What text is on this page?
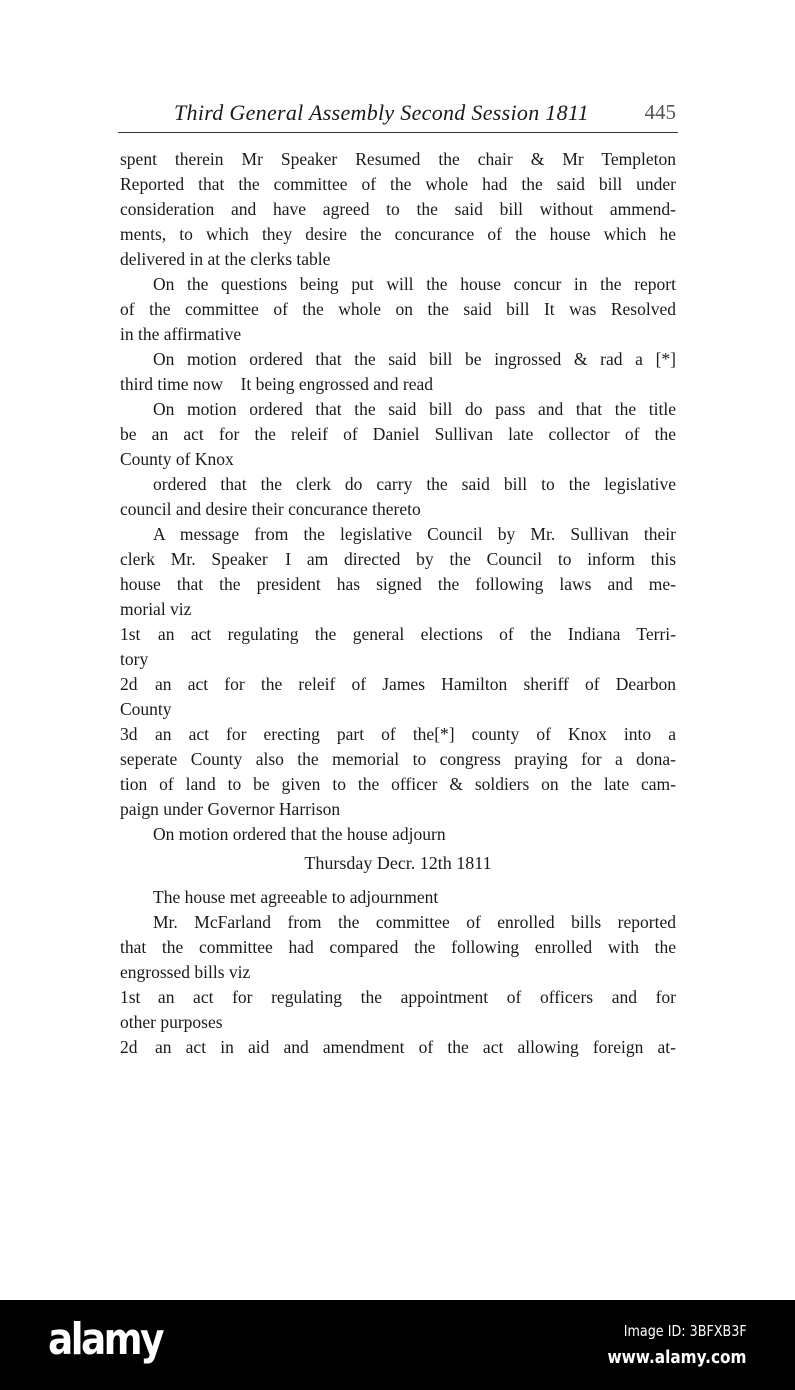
Third General Assembly Second Session 1811	445
spent therein Mr Speaker Resumed the chair & Mr Templeton
Reported that the committee of the whole had the said bill under
consideration and have agreed to the said bill without ammend-
ments, to which they desire the concurance of the house which he
delivered in at the clerks table
On the questions being put will the house concur in the report
of the committee of the whole on the said bill It was Resolved
in the affirmative
On motion ordered that the said bill be ingrossed & rad a [*]
third time now It being engrossed and read
On motion ordered that the said bill do pass and that the title
be an act for the releif of Daniel Sullivan late collector of the
County of Knox
ordered that the clerk do carry the said bill to the legislative
council and desire their concurance thereto
A message from the legislative Council by Mr. Sullivan their
clerk Mr. Speaker I am directed by the Council to inform this
house that the president has signed the following laws and me-
morial viz
1st an act regulating the general elections of the Indiana Terri-
tory
2d an act for the releif of James Hamilton sheriff of Dearbon
County
3d an act for erecting part of the[*] county of Knox into a
seperate County also the memorial to congress praying for a dona-
tion of land to be given to the officer & soldiers on the late cam-
paign under Governor Harrison
On motion ordered that the house adjourn
Thursday Decr. 12th 1811
The house met agreeable to adjournment
Mr. McFarland from the committee of enrolled bills reported
that the committee had compared the following enrolled with the
engrossed bills viz
1st an act for regulating the appointment of officers and for
other purposes
2d an act in aid and amendment of the act allowing foreign at-
alamy	Image ID: 3BFXB3F
www.alamy.com
